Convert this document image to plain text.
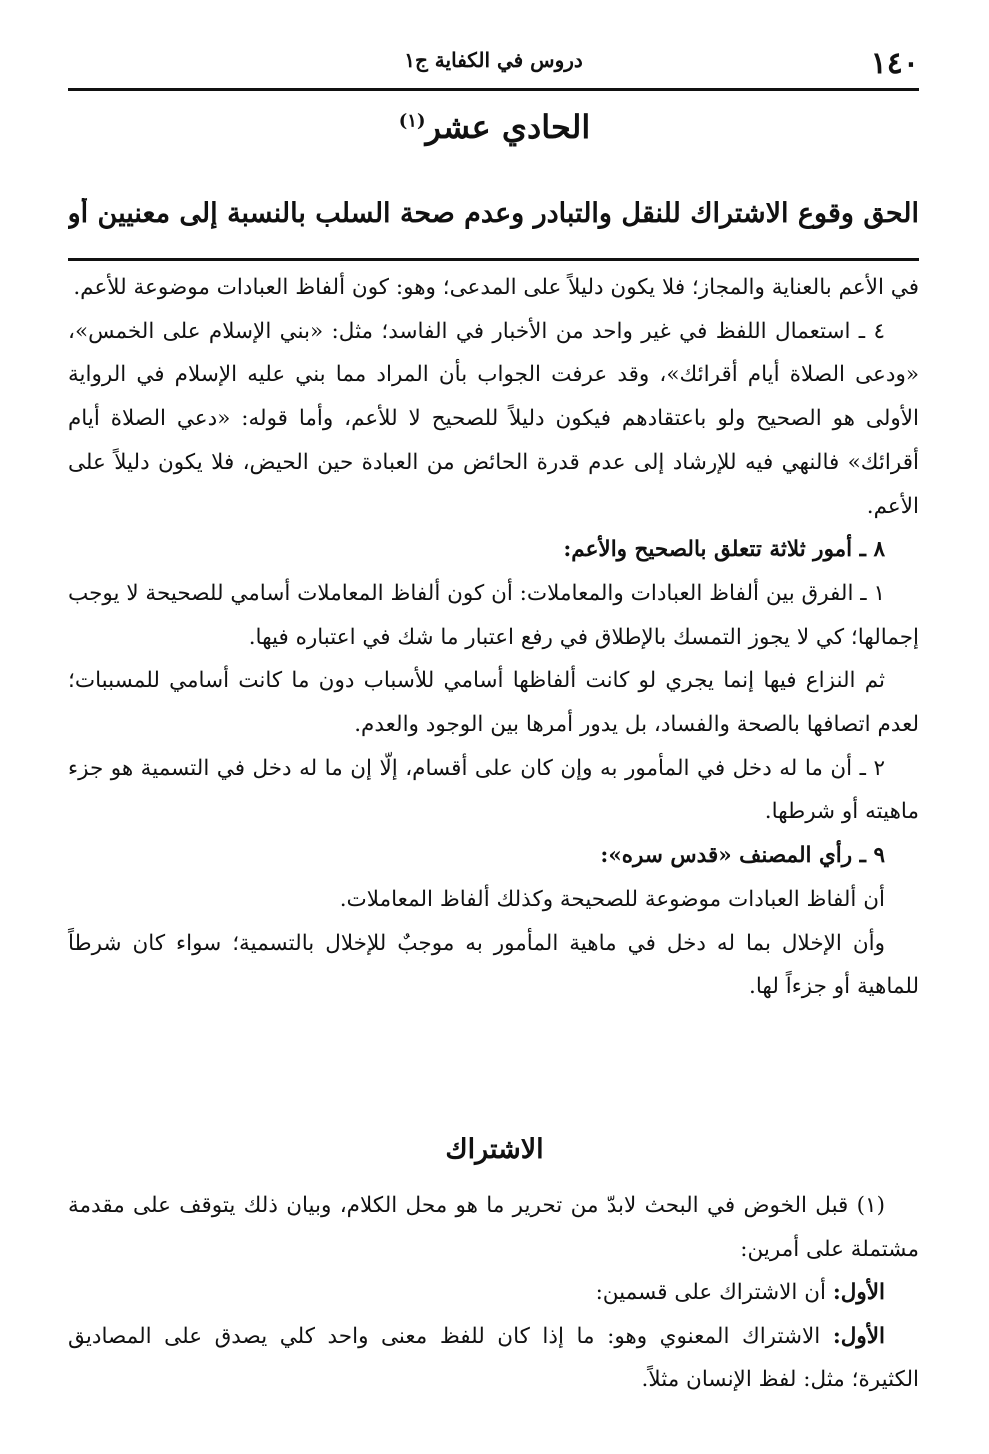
١٤٠
دروس في الكفاية ج١
الحادي عشر$^{(١)}$
الحق وقوع الاشتراك للنقل والتبادر وعدم صحة السلب بالنسبة إلى معنيين أو

في الأعم بالعناية والمجاز؛ فلا يكون دليلاً على المدعى؛ وهو: كون ألفاظ العبادات موضوعة للأعم.

٤ ـ استعمال اللفظ في غير واحد من الأخبار في الفاسد؛ مثل: «بني الإسلام على الخمس»، «ودعى الصلاة أيام أقرائك»، وقد عرفت الجواب بأن المراد مما بني عليه الإسلام في الرواية الأولى هو الصحيح ولو باعتقادهم فيكون دليلاً للصحيح لا للأعم، وأما قوله: «دعي الصلاة أيام أقرائك» فالنهي فيه للإرشاد إلى عدم قدرة الحائض من العبادة حين الحيض، فلا يكون دليلاً على الأعم.

٨ ـ أمور ثلاثة تتعلق بالصحيح والأعم:

١ ـ الفرق بين ألفاظ العبادات والمعاملات: أن كون ألفاظ المعاملات أسامي للصحيحة لا يوجب إجمالها؛ كي لا يجوز التمسك بالإطلاق في رفع اعتبار ما شك في اعتباره فيها.

ثم النزاع فيها إنما يجري لو كانت ألفاظها أسامي للأسباب دون ما كانت أسامي للمسببات؛ لعدم اتصافها بالصحة والفساد، بل يدور أمرها بين الوجود والعدم.

٢ ـ أن ما له دخل في المأمور به وإن كان على أقسام، إلّا إن ما له دخل في التسمية هو جزء ماهيته أو شرطها.

٩ ـ رأي المصنف «قدس سره»:

أن ألفاظ العبادات موضوعة للصحيحة وكذلك ألفاظ المعاملات.

وأن الإخلال بما له دخل في ماهية المأمور به موجبٌ للإخلال بالتسمية؛ سواء كان شرطاً للماهية أو جزءاً لها.

الاشتراك

(١) قبل الخوض في البحث لابدّ من تحرير ما هو محل الكلام، وبيان ذلك يتوقف على مقدمة مشتملة على أمرين:

الأول: أن الاشتراك على قسمين:

الأول: الاشتراك المعنوي وهو: ما إذا كان للفظ معنى واحد كلي يصدق على المصاديق الكثيرة؛ مثل: لفظ الإنسان مثلاً.
